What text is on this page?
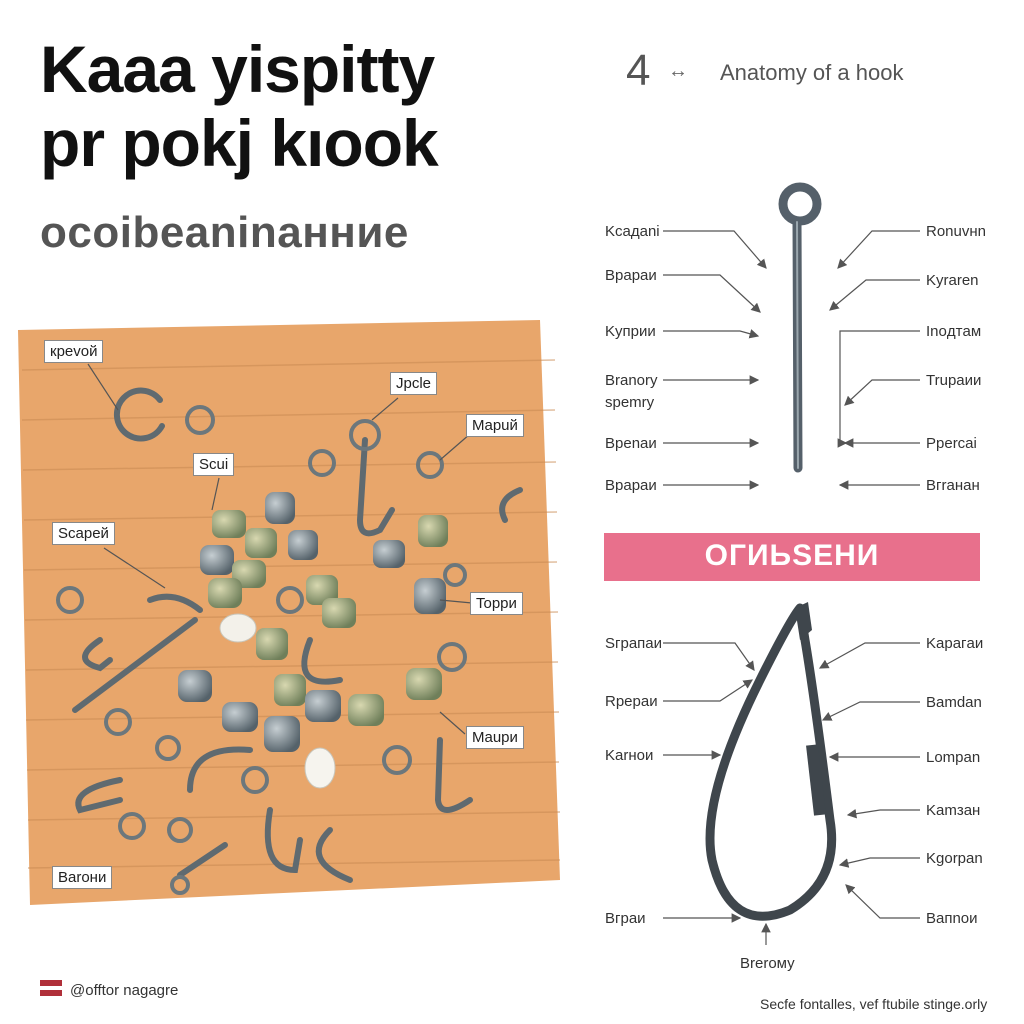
Kaaa yispitty
pr pokj kıook

ocoibeaninaнние

4 ↔ Anatomy of a hook
кpevoй
Jpcle
Scui
Mapuй
Scapeй
Toppи
Maupи
Baroни
Kcaдani
Bpapaи
Kyпpии
Branory
spemry
Bpenaи
Bpapaи
Ronuvнn
Kyraren
Inoдтaм
Trupaии
Ppercai
Bгrанaн
OГИЬSEНИ
Sгpaпаи
Rpepaи
Karнoи
Bгpaи
Kapaгaи
Bamdan
Lompan
Kamзaн
Kgorpan
Baпnoи
Brеrому
@offtor nagagre
Secfe fontalles, vef ftubile stinge.orly
